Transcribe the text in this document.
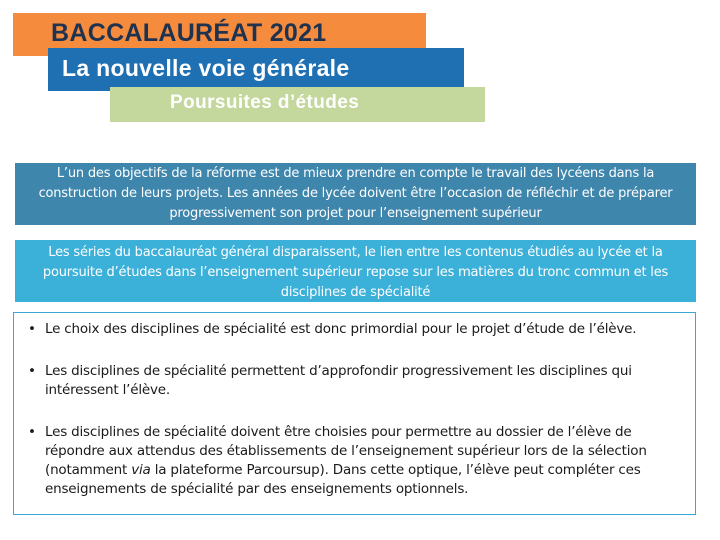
BACCALAURÉAT 2021
La nouvelle voie générale
Poursuites d’études
L’un des objectifs de la réforme est de mieux prendre en compte le travail des lycéens dans la construction de leurs projets. Les années de lycée doivent être l’occasion de réfléchir et de préparer progressivement son projet pour l’enseignement supérieur
Les séries du baccalauréat général disparaissent, le lien entre les contenus étudiés au lycée et la poursuite d’études dans l’enseignement supérieur repose sur les matières du tronc commun et les disciplines de spécialité
• Le choix des disciplines de spécialité est donc primordial pour le projet d’étude de l’élève.
• Les disciplines de spécialité permettent d’approfondir progressivement les disciplines qui intéressent l’élève.
• Les disciplines de spécialité doivent être choisies pour permettre au dossier de l’élève de répondre aux attendus des établissements de l’enseignement supérieur lors de la sélection (notamment via la plateforme Parcoursup). Dans cette optique, l’élève peut compléter ces enseignements de spécialité par des enseignements optionnels.
